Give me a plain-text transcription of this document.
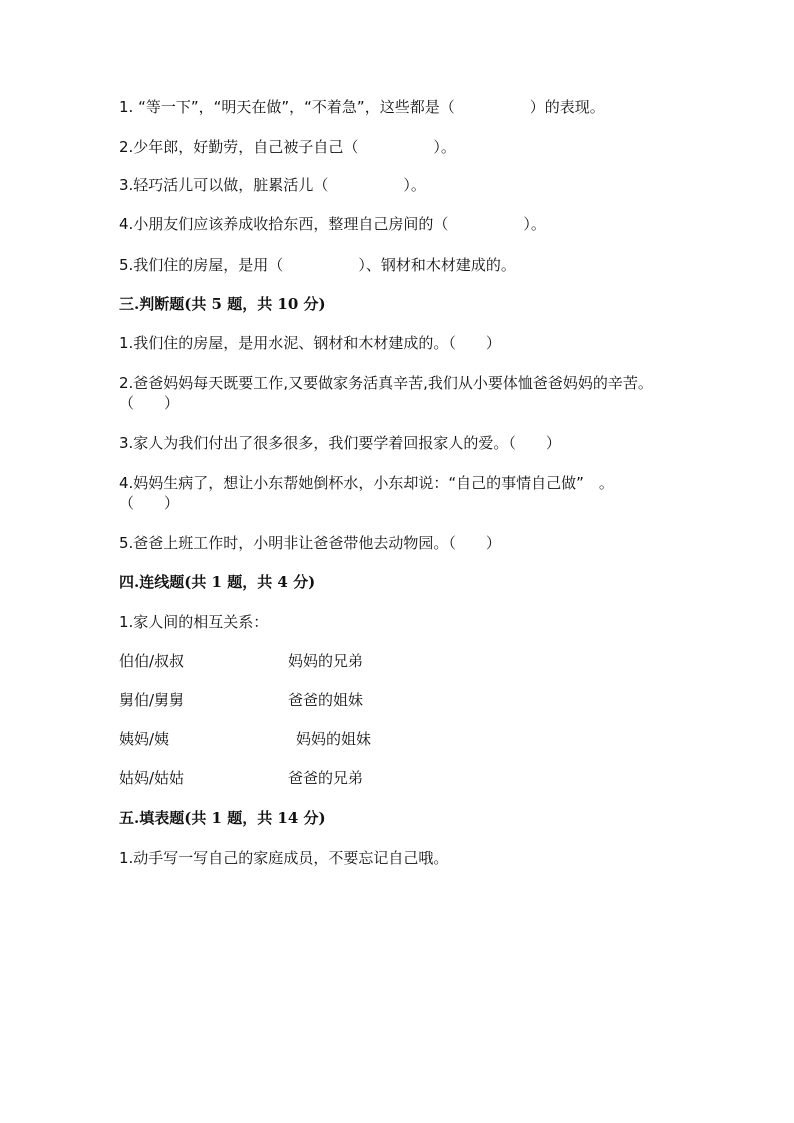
1. “等一下”，“明天在做”，“不着急”，这些都是（　　　　　）的表现。
2.少年郎，好勤劳，自己被子自己（　　　　　）。
3.轻巧活儿可以做，脏累活儿（　　　　　）。
4.小朋友们应该养成收拾东西，整理自己房间的（　　　　　）。
5.我们住的房屋，是用（　　　　　）、钢材和木材建成的。
三.判断题(共 5 题，共 10 分)
1.我们住的房屋，是用水泥、钢材和木材建成的。（　　）
2.爸爸妈妈每天既要工作,又要做家务活真辛苦,我们从小要体恤爸爸妈妈的辛苦。（　　）
3.家人为我们付出了很多很多，我们要学着回报家人的爱。（　　）
4.妈妈生病了，想让小东帮她倒杯水，小东却说：“自己的事情自己做”　。
（　　）
5.爸爸上班工作时，小明非让爸爸带他去动物园。（　　）
四.连线题(共 1 题，共 4 分)
1.家人间的相互关系：
伯伯/叔叔	妈妈的兄弟
舅伯/舅舅	爸爸的姐妹
姨妈/姨	妈妈的姐妹
姑妈/姑姑	爸爸的兄弟
五.填表题(共 1 题，共 14 分)
1.动手写一写自己的家庭成员，不要忘记自己哦。
